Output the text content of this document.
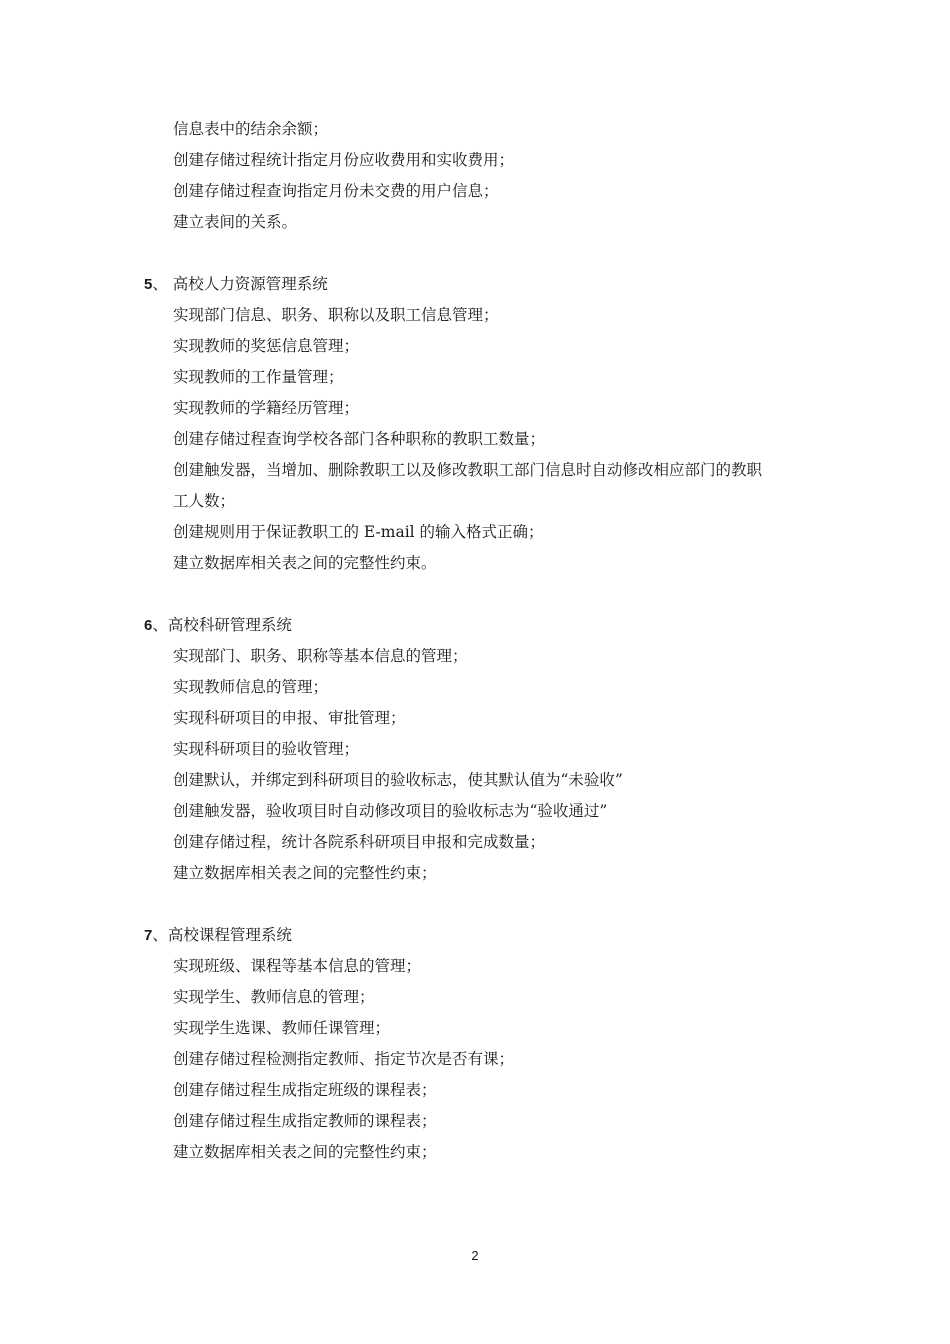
信息表中的结余余额；
创建存储过程统计指定月份应收费用和实收费用；
创建存储过程查询指定月份未交费的用户信息；
建立表间的关系。
5、 高校人力资源管理系统
实现部门信息、职务、职称以及职工信息管理；
实现教师的奖惩信息管理；
实现教师的工作量管理；
实现教师的学籍经历管理；
创建存储过程查询学校各部门各种职称的教职工数量；
创建触发器，当增加、删除教职工以及修改教职工部门信息时自动修改相应部门的教职
工人数；
创建规则用于保证教职工的 E-mail 的输入格式正确；
建立数据库相关表之间的完整性约束。
6、高校科研管理系统
实现部门、职务、职称等基本信息的管理；
实现教师信息的管理；
实现科研项目的申报、审批管理；
实现科研项目的验收管理；
创建默认，并绑定到科研项目的验收标志，使其默认值为“未验收”
创建触发器，验收项目时自动修改项目的验收标志为“验收通过”
创建存储过程，统计各院系科研项目申报和完成数量；
建立数据库相关表之间的完整性约束；
7、高校课程管理系统
实现班级、课程等基本信息的管理；
实现学生、教师信息的管理；
实现学生选课、教师任课管理；
创建存储过程检测指定教师、指定节次是否有课；
创建存储过程生成指定班级的课程表；
创建存储过程生成指定教师的课程表；
建立数据库相关表之间的完整性约束；
2
